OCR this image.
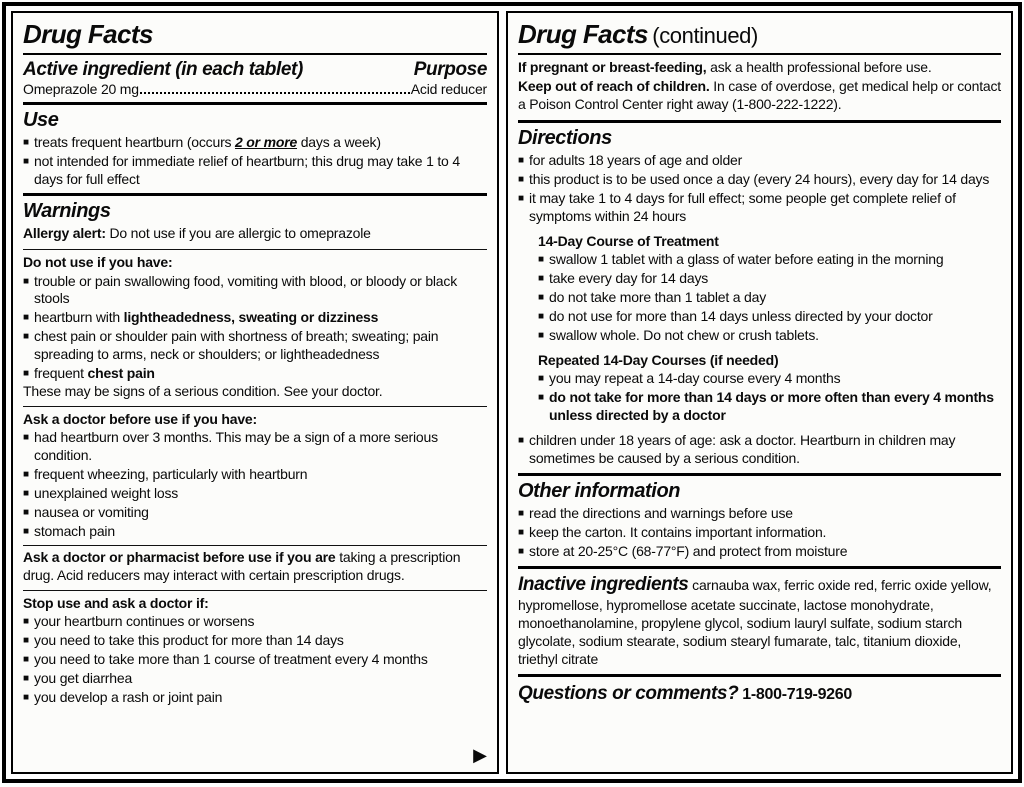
Drug Facts
Active ingredient (in each tablet)	Purpose
Omeprazole 20 mg	Acid reducer
Use
■ treats frequent heartburn (occurs 2 or more days a week)
■ not intended for immediate relief of heartburn; this drug may take 1 to 4 days for full effect
Warnings

Allergy alert: Do not use if you are allergic to omeprazole

Do not use if you have:
■ trouble or pain swallowing food, vomiting with blood, or bloody or black stools
■ heartburn with lightheadedness, sweating or dizziness
■ chest pain or shoulder pain with shortness of breath; sweating; pain spreading to arms, neck or shoulders; or lightheadedness
■ frequent chest pain

These may be signs of a serious condition. See your doctor.

Ask a doctor before use if you have:
■ had heartburn over 3 months. This may be a sign of a more serious condition.
■ frequent wheezing, particularly with heartburn
■ unexplained weight loss
■ nausea or vomiting
■ stomach pain

Ask a doctor or pharmacist before use if you are taking a prescription drug. Acid reducers may interact with certain prescription drugs.

Stop use and ask a doctor if:
■ your heartburn continues or worsens
■ you need to take this product for more than 14 days
■ you need to take more than 1 course of treatment every 4 months
■ you get diarrhea
■ you develop a rash or joint pain
▶
Drug Facts (continued)

If pregnant or breast-feeding, ask a health professional before use.

Keep out of reach of children. In case of overdose, get medical help or contact a Poison Control Center right away (1-800-222-1222).

Directions
■ for adults 18 years of age and older
■ this product is to be used once a day (every 24 hours), every day for 14 days
■ it may take 1 to 4 days for full effect; some people get complete relief of symptoms within 24 hours
14-Day Course of Treatment
■ swallow 1 tablet with a glass of water before eating in the morning
■ take every day for 14 days
■ do not take more than 1 tablet a day
■ do not use for more than 14 days unless directed by your doctor
■ swallow whole. Do not chew or crush tablets.
Repeated 14-Day Courses (if needed)
■ you may repeat a 14-day course every 4 months
■ do not take for more than 14 days or more often than every 4 months unless directed by a doctor
■ children under 18 years of age: ask a doctor. Heartburn in children may sometimes be caused by a serious condition.
Other information
■ read the directions and warnings before use
■ keep the carton. It contains important information.
■ store at 20-25°C (68-77°F) and protect from moisture

Inactive ingredients carnauba wax, ferric oxide red, ferric oxide yellow, hypromellose, hypromellose acetate succinate, lactose monohydrate, monoethanolamine, propylene glycol, sodium lauryl sulfate, sodium starch glycolate, sodium stearate, sodium stearyl fumarate, talc, titanium dioxide, triethyl citrate

Questions or comments? 1-800-719-9260
